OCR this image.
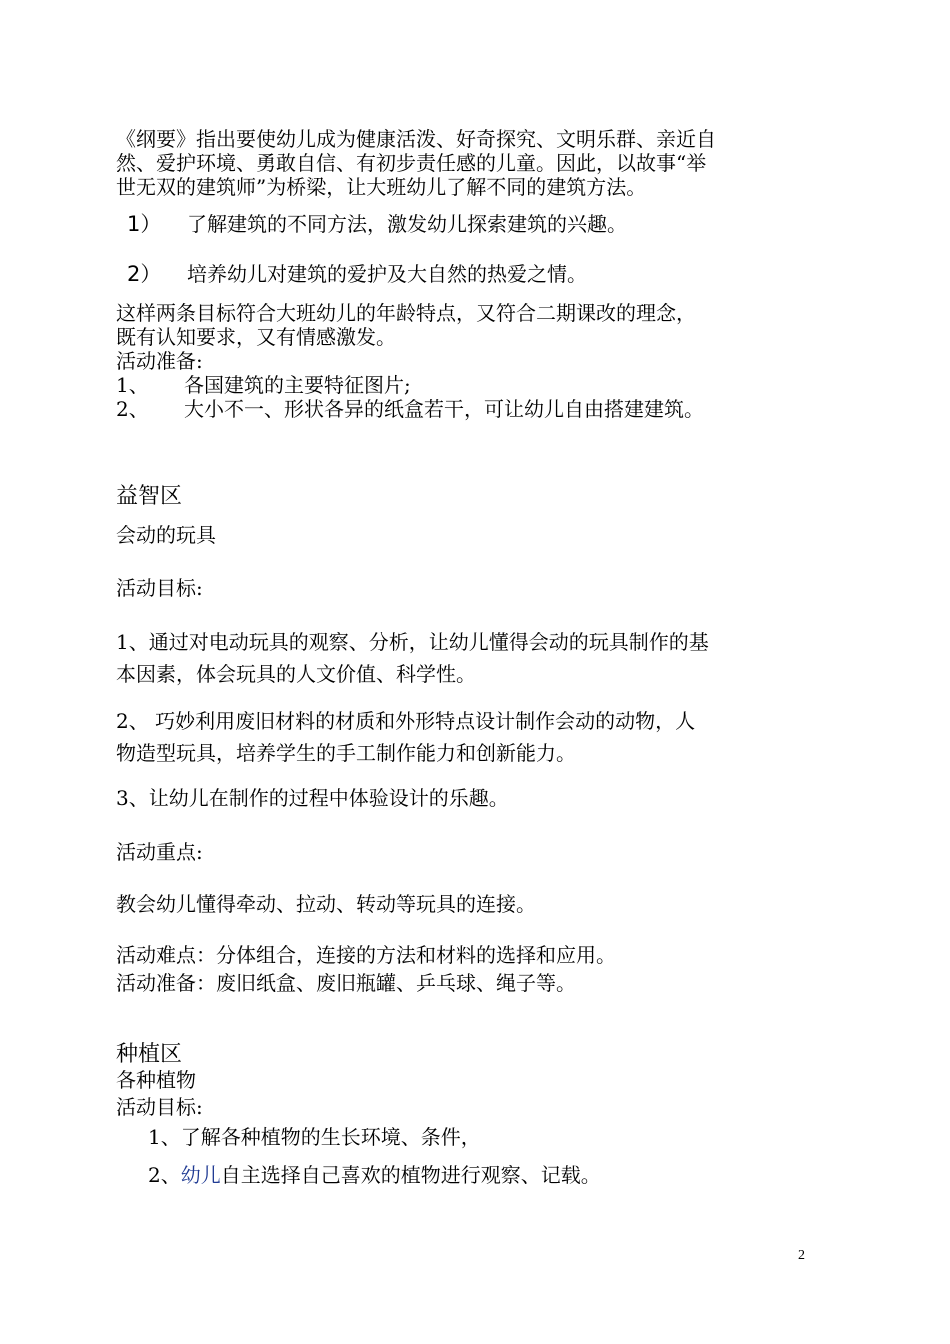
《纲要》指出要使幼儿成为健康活泼、好奇探究、文明乐群、亲近自
然、爱护环境、勇敢自信、有初步责任感的儿童。因此，以故事“举
世无双的建筑师”为桥梁，让大班幼儿了解不同的建筑方法。
1） 了解建筑的不同方法，激发幼儿探索建筑的兴趣。
2） 培养幼儿对建筑的爱护及大自然的热爱之情。
这样两条目标符合大班幼儿的年龄特点，又符合二期课改的理念，
既有认知要求，又有情感激发。
活动准备:
1、 各国建筑的主要特征图片;
2、 大小不一、形状各异的纸盒若干，可让幼儿自由搭建建筑。
益智区
会动的玩具
活动目标:
1、通过对电动玩具的观察、分析，让幼儿懂得会动的玩具制作的基
本因素，体会玩具的人文价值、科学性。
2、 巧妙利用废旧材料的材质和外形特点设计制作会动的动物，人
物造型玩具，培养学生的手工制作能力和创新能力。
3、让幼儿在制作的过程中体验设计的乐趣。
活动重点:
教会幼儿懂得牵动、拉动、转动等玩具的连接。
活动难点：分体组合，连接的方法和材料的选择和应用。
活动准备：废旧纸盒、废旧瓶罐、乒乓球、绳子等。
种植区
各种植物
活动目标:
1、了解各种植物的生长环境、条件，
2、幼儿自主选择自己喜欢的植物进行观察、记载。
2
